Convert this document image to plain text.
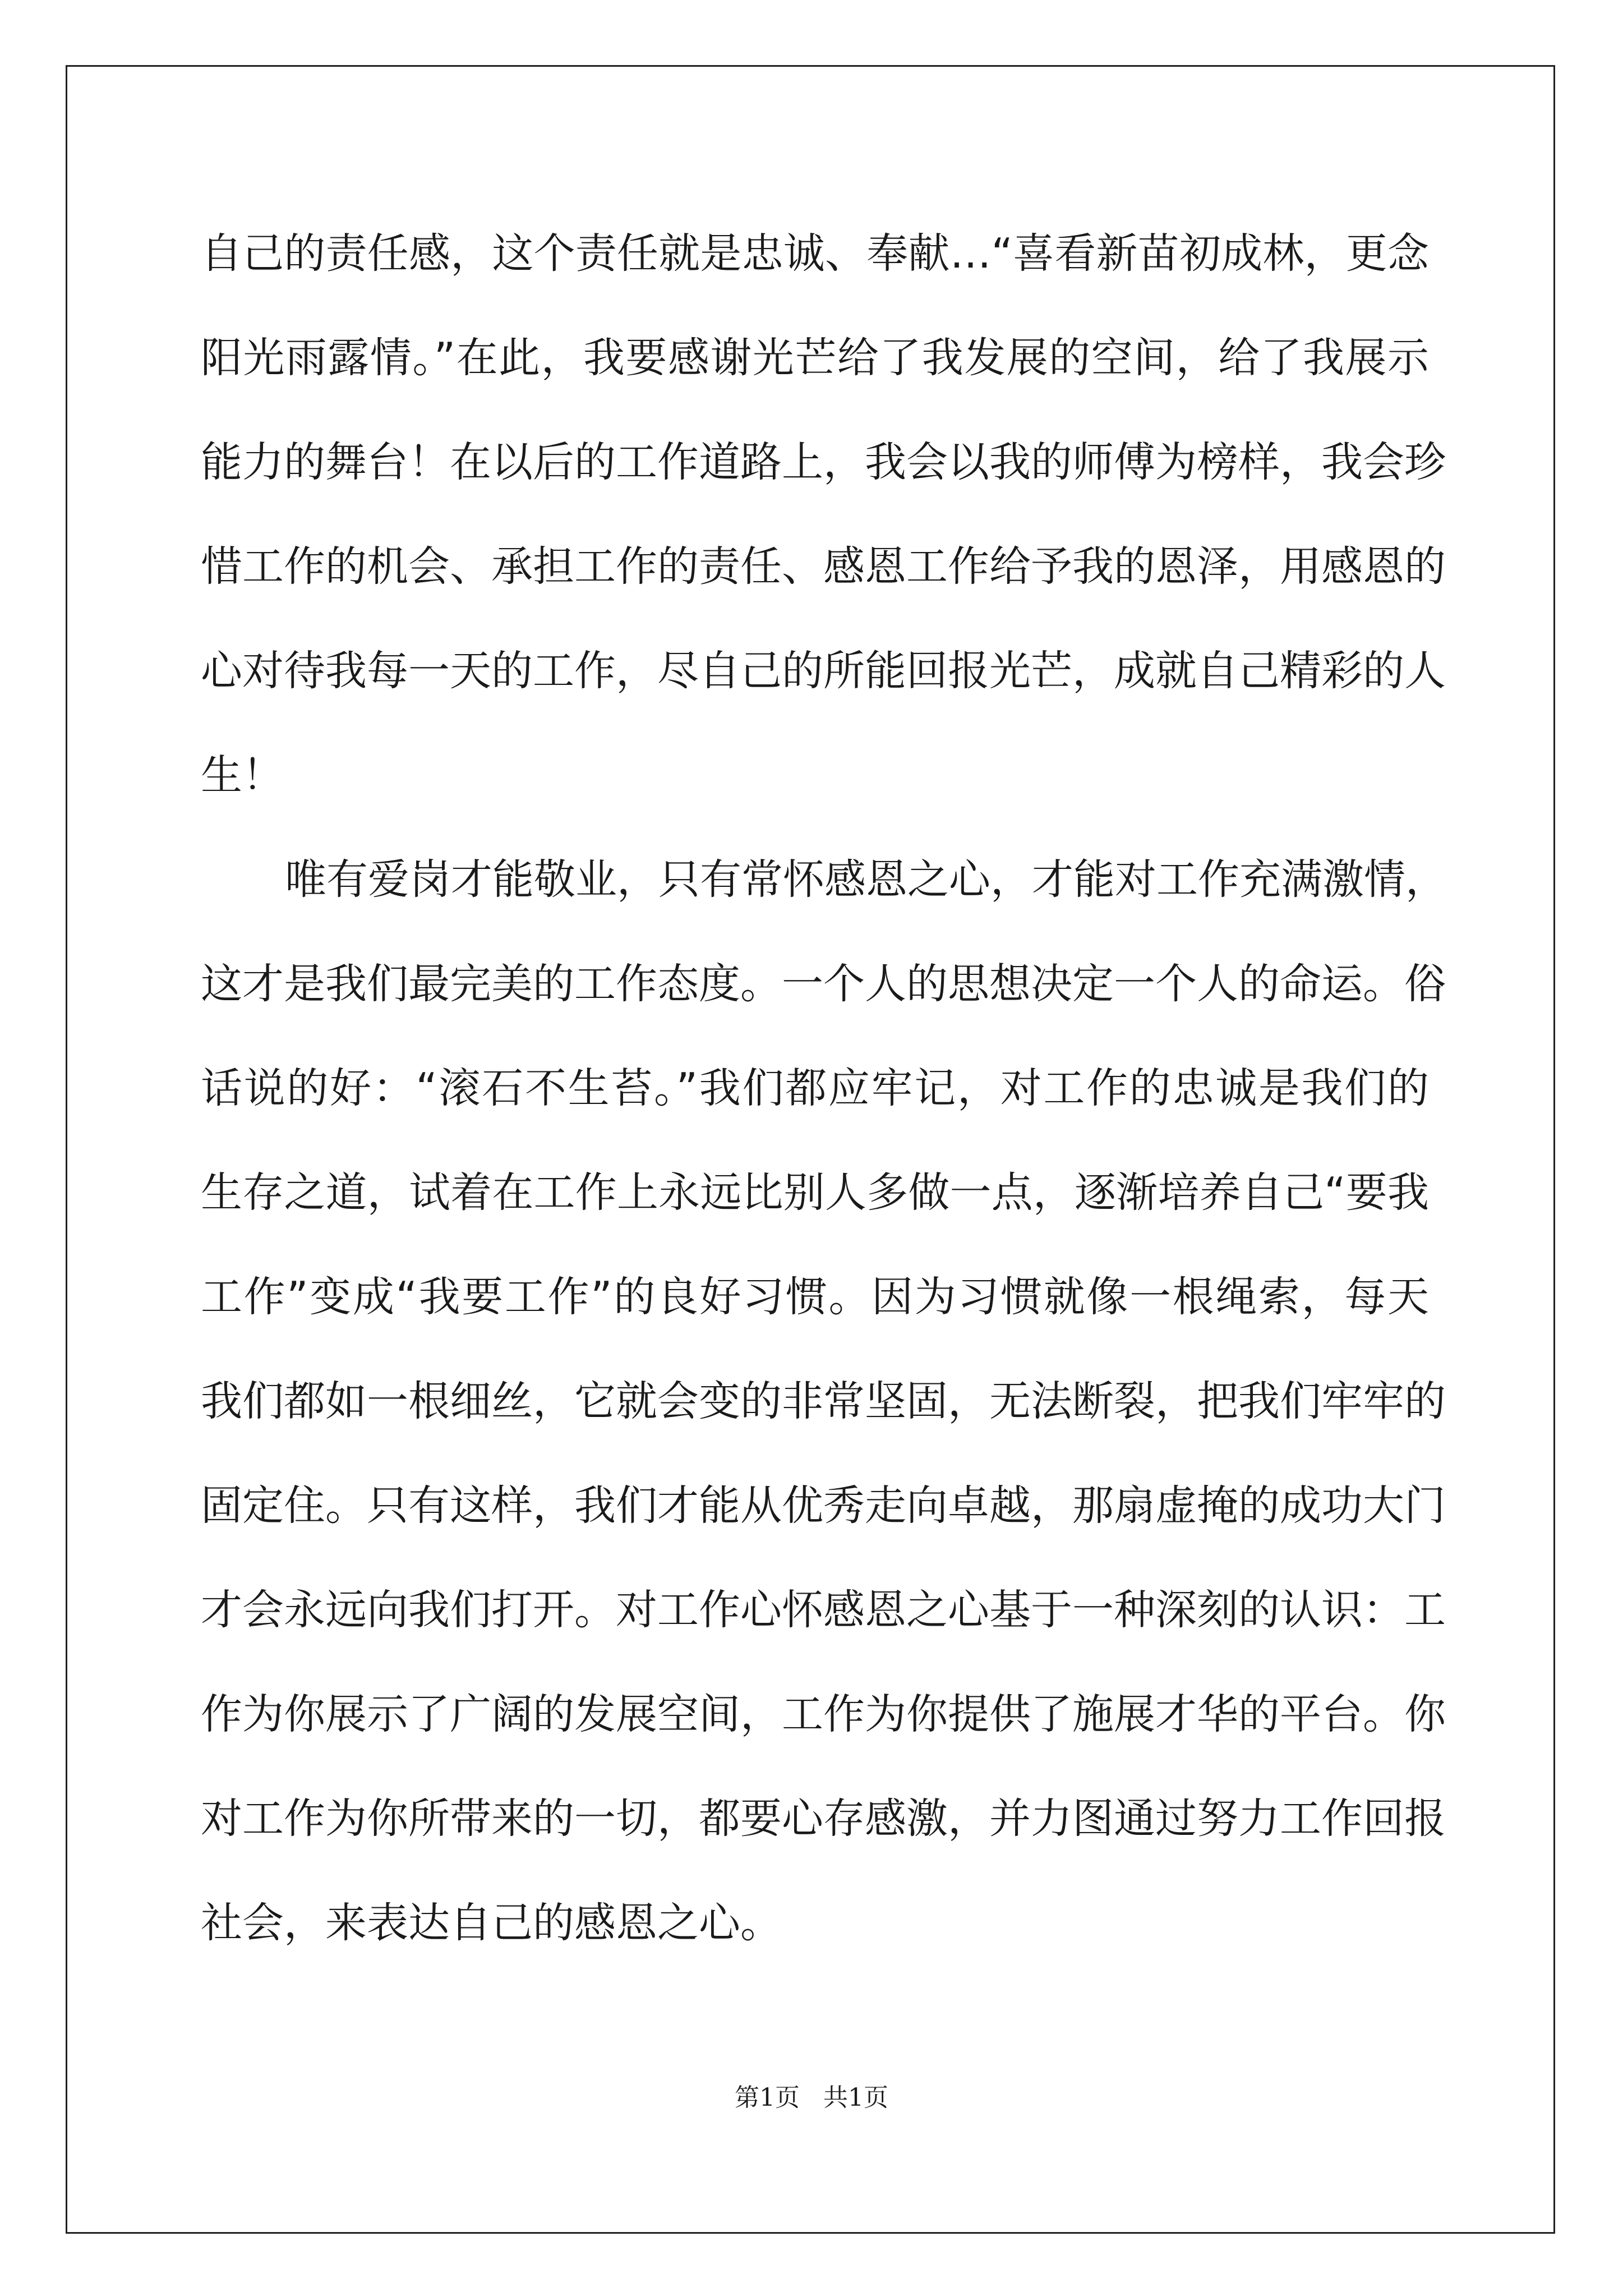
自己的责任感，这个责任就是忠诚、奉献…“喜看新苗初成林，更念
阳光雨露情。”在此，我要感谢光芒给了我发展的空间，给了我展示
能力的舞台！在以后的工作道路上，我会以我的师傅为榜样，我会珍
惜工作的机会、承担工作的责任、感恩工作给予我的恩泽，用感恩的
心对待我每一天的工作，尽自己的所能回报光芒，成就自己精彩的人
生！
唯有爱岗才能敬业，只有常怀感恩之心，才能对工作充满激情，
这才是我们最完美的工作态度。一个人的思想决定一个人的命运。俗
话说的好：“滚石不生苔。”我们都应牢记，对工作的忠诚是我们的
生存之道，试着在工作上永远比别人多做一点，逐渐培养自己“要我
工作”变成“我要工作”的良好习惯。因为习惯就像一根绳索，每天
我们都如一根细丝，它就会变的非常坚固，无法断裂，把我们牢牢的
固定住。只有这样，我们才能从优秀走向卓越，那扇虚掩的成功大门
才会永远向我们打开。对工作心怀感恩之心基于一种深刻的认识：工
作为你展示了广阔的发展空间，工作为你提供了施展才华的平台。你
对工作为你所带来的一切，都要心存感激，并力图通过努力工作回报
社会，来表达自己的感恩之心。
第1页   共1页
